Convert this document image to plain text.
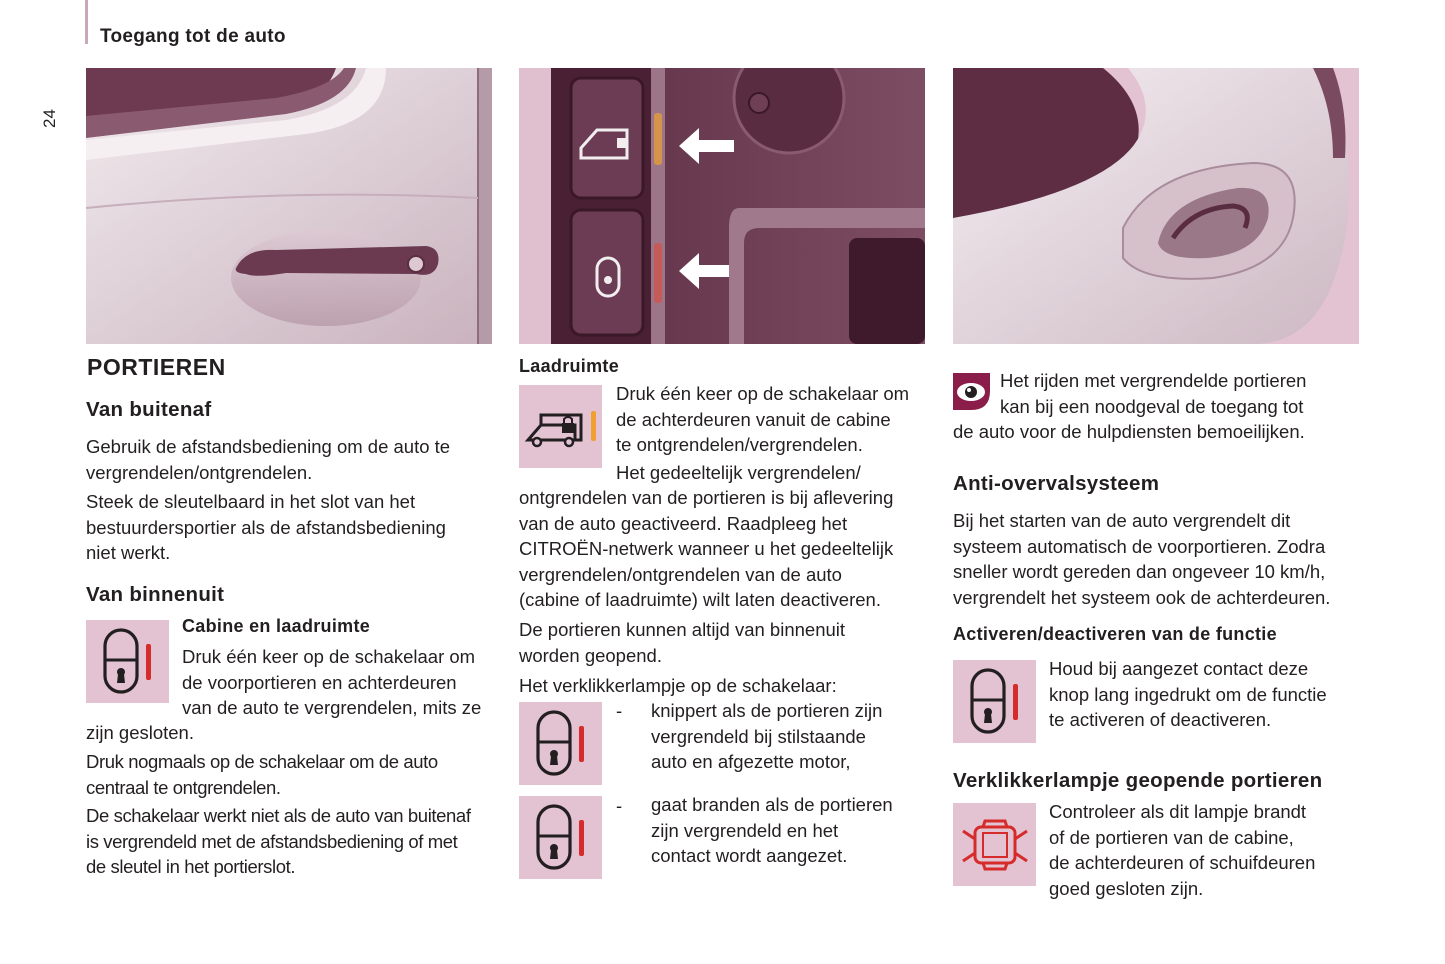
Toegang tot de auto
24
PORTIEREN
Van buitenaf
Gebruik de afstandsbediening om de auto te
vergrendelen/ontgrendelen.
Steek de sleutelbaard in het slot van het
bestuurdersportier als de afstandsbediening
niet werkt.
Van binnenuit
Cabine en laadruimte
Druk één keer op de schakelaar om
de voorportieren en achterdeuren
van de auto te vergrendelen, mits ze
zijn gesloten.
Druk nogmaals op de schakelaar om de auto
centraal te ontgrendelen.
De schakelaar werkt niet als de auto van buitenaf
is vergrendeld met de afstandsbediening of met
de sleutel in het portierslot.
Laadruimte
Druk één keer op de schakelaar om
de achterdeuren vanuit de cabine
te ontgrendelen/vergrendelen.
Het gedeeltelijk vergrendelen/
ontgrendelen van de portieren is bij aflevering
van de auto geactiveerd. Raadpleeg het
CITROËN-netwerk wanneer u het gedeeltelijk
vergrendelen/ontgrendelen van de auto
(cabine of laadruimte) wilt laten deactiveren.
De portieren kunnen altijd van binnenuit
worden geopend.
Het verklikkerlampje op de schakelaar:
- knippert als de portieren zijn
vergrendeld bij stilstaande
auto en afgezette motor,
- gaat branden als de portieren
zijn vergrendeld en het
contact wordt aangezet.
Het rijden met vergrendelde portieren
kan bij een noodgeval de toegang tot
de auto voor de hulpdiensten bemoeilijken.
Anti-overvalsysteem
Bij het starten van de auto vergrendelt dit
systeem automatisch de voorportieren. Zodra
sneller wordt gereden dan ongeveer 10 km/h,
vergrendelt het systeem ook de achterdeuren.
Activeren/deactiveren van de functie
Houd bij aangezet contact deze
knop lang ingedrukt om de functie
te activeren of deactiveren.
Verklikkerlampje geopende portieren
Controleer als dit lampje brandt
of de portieren van de cabine,
de achterdeuren of schuifdeuren
goed gesloten zijn.
